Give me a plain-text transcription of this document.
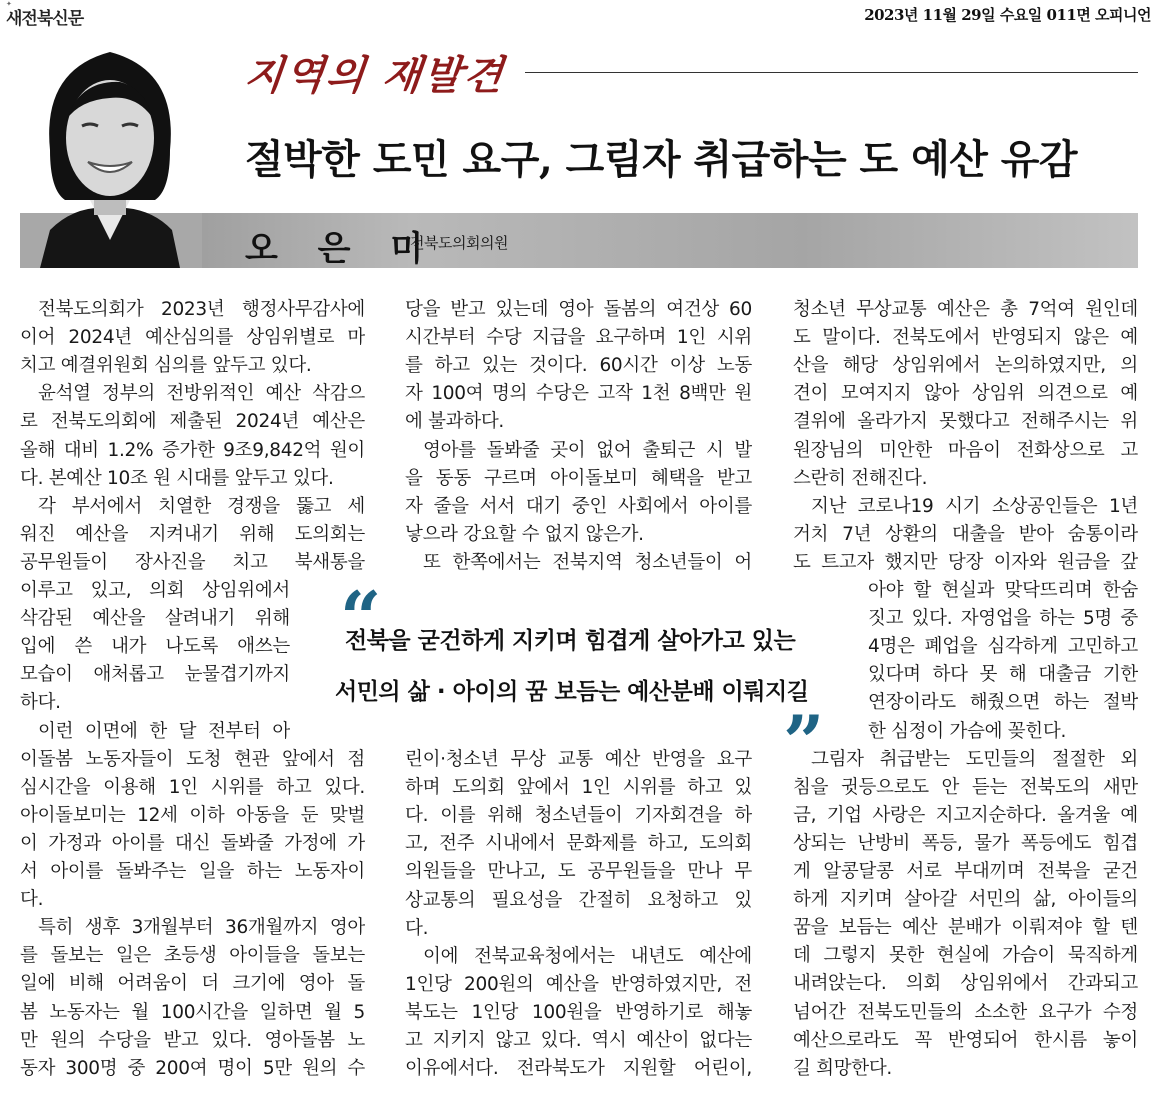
✦
새전북신문	2023년 11월 29일 수요일 011면 오피니언
지역의 재발견
절박한 도민 요구, 그림자 취급하는 도 예산 유감
오 은 미
전북도의회의원
전북도의회가 2023년 행정사무감사에
이어 2024년 예산심의를 상임위별로 마
치고 예결위원회 심의를 앞두고 있다.
윤석열 정부의 전방위적인 예산 삭감으
로 전북도의회에 제출된 2024년 예산은
올해 대비 1.2% 증가한 9조9,842억 원이
다. 본예산 10조 원 시대를 앞두고 있다.
각 부서에서 치열한 경쟁을 뚫고 세
워진 예산을 지켜내기 위해 도의회는
공무원들이 장사진을 치고 북새통을
이루고 있고, 의회 상임위에서
삭감된 예산을 살려내기 위해
입에 쓴 내가 나도록 애쓰는
모습이 애처롭고 눈물겹기까지
하다.
이런 이면에 한 달 전부터 아
이돌봄 노동자들이 도청 현관 앞에서 점
심시간을 이용해 1인 시위를 하고 있다.
아이돌보미는 12세 이하 아동을 둔 맞벌
이 가정과 아이를 대신 돌봐줄 가정에 가
서 아이를 돌봐주는 일을 하는 노동자이
다.
특히 생후 3개월부터 36개월까지 영아
를 돌보는 일은 초등생 아이들을 돌보는
일에 비해 어려움이 더 크기에 영아 돌
봄 노동자는 월 100시간을 일하면 월 5
만 원의 수당을 받고 있다. 영아돌봄 노
동자 300명 중 200여 명이 5만 원의 수
당을 받고 있는데 영아 돌봄의 여건상 60
시간부터 수당 지급을 요구하며 1인 시위
를 하고 있는 것이다. 60시간 이상 노동
자 100여 명의 수당은 고작 1천 8백만 원
에 불과하다.
영아를 돌봐줄 곳이 없어 출퇴근 시 발
을 동동 구르며 아이돌보미 혜택을 받고
자 줄을 서서 대기 중인 사회에서 아이를
낳으라 강요할 수 없지 않은가.
또 한쪽에서는 전북지역 청소년들이 어
린이·청소년 무상 교통 예산 반영을 요구
하며 도의회 앞에서 1인 시위를 하고 있
다. 이를 위해 청소년들이 기자회견을 하
고, 전주 시내에서 문화제를 하고, 도의회
의원들을 만나고, 도 공무원들을 만나 무
상교통의 필요성을 간절히 요청하고 있
다.
이에 전북교육청에서는 내년도 예산에
1인당 200원의 예산을 반영하였지만, 전
북도는 1인당 100원을 반영하기로 해놓
고 지키지 않고 있다. 역시 예산이 없다는
이유에서다. 전라북도가 지원할 어린이,
청소년 무상교통 예산은 총 7억여 원인데
도 말이다. 전북도에서 반영되지 않은 예
산을 해당 상임위에서 논의하였지만, 의
견이 모여지지 않아 상임위 의견으로 예
결위에 올라가지 못했다고 전해주시는 위
원장님의 미안한 마음이 전화상으로 고
스란히 전해진다.
지난 코로나19 시기 소상공인들은 1년
거치 7년 상환의 대출을 받아 숨통이라
도 트고자 했지만 당장 이자와 원금을 갚
아야 할 현실과 맞닥뜨리며 한숨
짓고 있다. 자영업을 하는 5명 중
4명은 폐업을 심각하게 고민하고
있다며 하다 못 해 대출금 기한
연장이라도 해줬으면 하는 절박
한 심정이 가슴에 꽂힌다.
그림자 취급받는 도민들의 절절한 외
침을 귓등으로도 안 듣는 전북도의 새만
금, 기업 사랑은 지고지순하다. 올겨울 예
상되는 난방비 폭등, 물가 폭등에도 힘겹
게 알콩달콩 서로 부대끼며 전북을 굳건
하게 지키며 살아갈 서민의 삶, 아이들의
꿈을 보듬는 예산 분배가 이뤄져야 할 텐
데 그렇지 못한 현실에 가슴이 묵직하게
내려앉는다. 의회 상임위에서 간과되고
넘어간 전북도민들의 소소한 요구가 수정
예산으로라도 꼭 반영되어 한시름 놓이
길 희망한다.
“
전북을 굳건하게 지키며 힘겹게 살아가고 있는
서민의 삶 · 아이의 꿈 보듬는 예산분배 이뤄지길
”
